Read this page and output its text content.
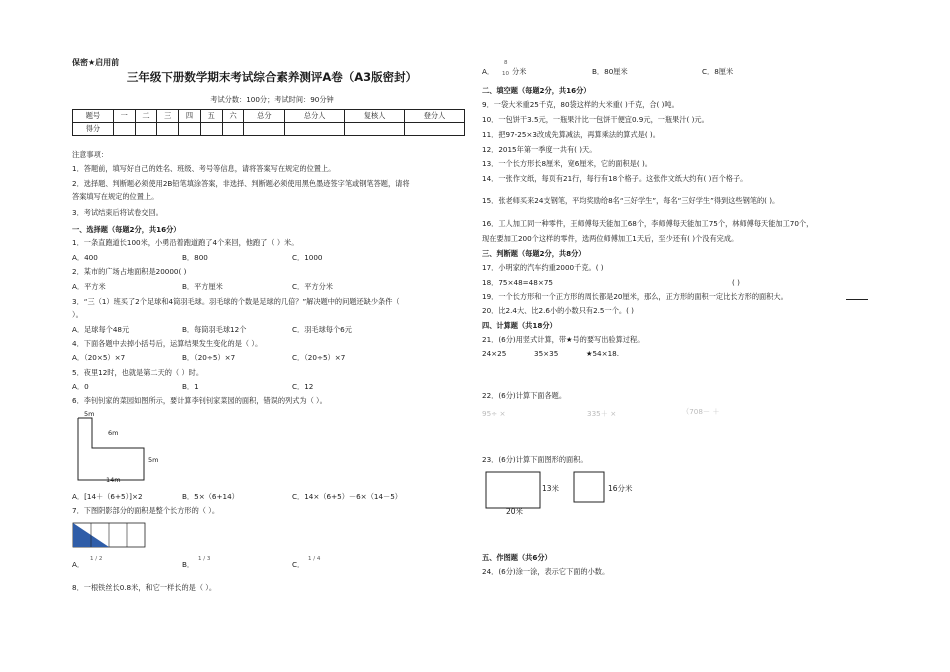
保密★启用前
三年级下册数学期末考试综合素养测评A卷（A3版密封）
考试分数：100分；考试时间：90分钟
题号	一	二	三	四	五	六	总分	总分人	复核人	登分人
得分										
注意事项：
1．答题前，填写好自己的姓名、班级、考号等信息，请将答案写在规定的位置上。
2．选择题、判断题必须使用2B铅笔填涂答案，非选择、判断题必须使用黑色墨迹签字笔或钢笔答题，请将
答案填写在规定的位置上。
3．考试结束后将试卷交回。
一、选择题（每题2分，共16分）
1．一条直跑道长100米，小勇沿着跑道跑了4个来回，他跑了（ ）米。
A．400	B．800	C．1000
2．某市的广场占地面积是20000( )
A．平方米	B．平方厘米	C．平方分米
3．“三（1）班买了2个足球和4筒羽毛球。羽毛球的个数是足球的几倍？”解决题中的问题还缺少条件（
）。
A．足球每个48元	B．每筒羽毛球12个	C．羽毛球每个6元
4．下面各题中去掉小括号后，运算结果发生变化的是（ ）。
A．（20×5）×7	B．（20÷5）×7	C．（20÷5）×7
5．夜里12时，也就是第二天的（ ）时。
A．0	B．1	C．12
6．李钊钊家的菜园如图所示，要计算李钊钊家菜园的面积，错误的列式为（ ）。
5m
6m
5m
14m
A．[14＋（6+5）]×2	B．5×（6+14）	C．14×（6+5）－6×（14－5）
7．下图阴影部分的面积是整个长方形的（ ）。
A．
1 / 2
B．
1 / 3
C．
1 / 4
8．一根铁丝长0.8米，和它一样长的是（ ）。
A．
8
10 分米	B．80厘米	C．8厘米
二、填空题（每题2分，共16分）
9．一袋大米重25千克，80袋这样的大米重( )千克，合( )吨。
10．一包饼干3.5元，一瓶果汁比一包饼干便宜0.9元，一瓶果汁( )元。
11．把97-25×3改成先算减法，再算乘法的算式是( )。
12．2015年第一季度一共有( )天。
13．一个长方形长8厘米，宽6厘米，它的面积是( )。
14．一张作文纸，每页有21行，每行有18个格子。这张作文纸大约有( )百个格子。
15．张老师买来24支钢笔，平均奖励给8名“三好学生”，每名“三好学生”得到这些钢笔的( )。
16．工人加工同一种零件，王师傅每天能加工68个，李师傅每天能加工75个，林师傅每天能加工70个，
现在要加工200个这样的零件，选两位师傅加工1天后，至少还有( )个没有完成。
三、判断题（每题2分，共8分）
17．小明家的汽车约重2000千克。( )
18．75×48=48×75	( )
19．一个长方形和一个正方形的周长都是20厘米，那么，正方形的面积一定比长方形的面积大。
20．比2.4大、比2.6小的小数只有2.5一个。( )
四、计算题（共18分）
21．(6分)用竖式计算，带★号的要写出验算过程。
24×25	35×35	★54×18.
22．(6分)计算下面各题。
95÷ ×	335＋ ×	（708－ ＋
23．(6分)计算下面图形的面积。
13米
20米
16分米
五、作图题（共6分）
24．(6分)涂一涂，表示它下面的小数。
